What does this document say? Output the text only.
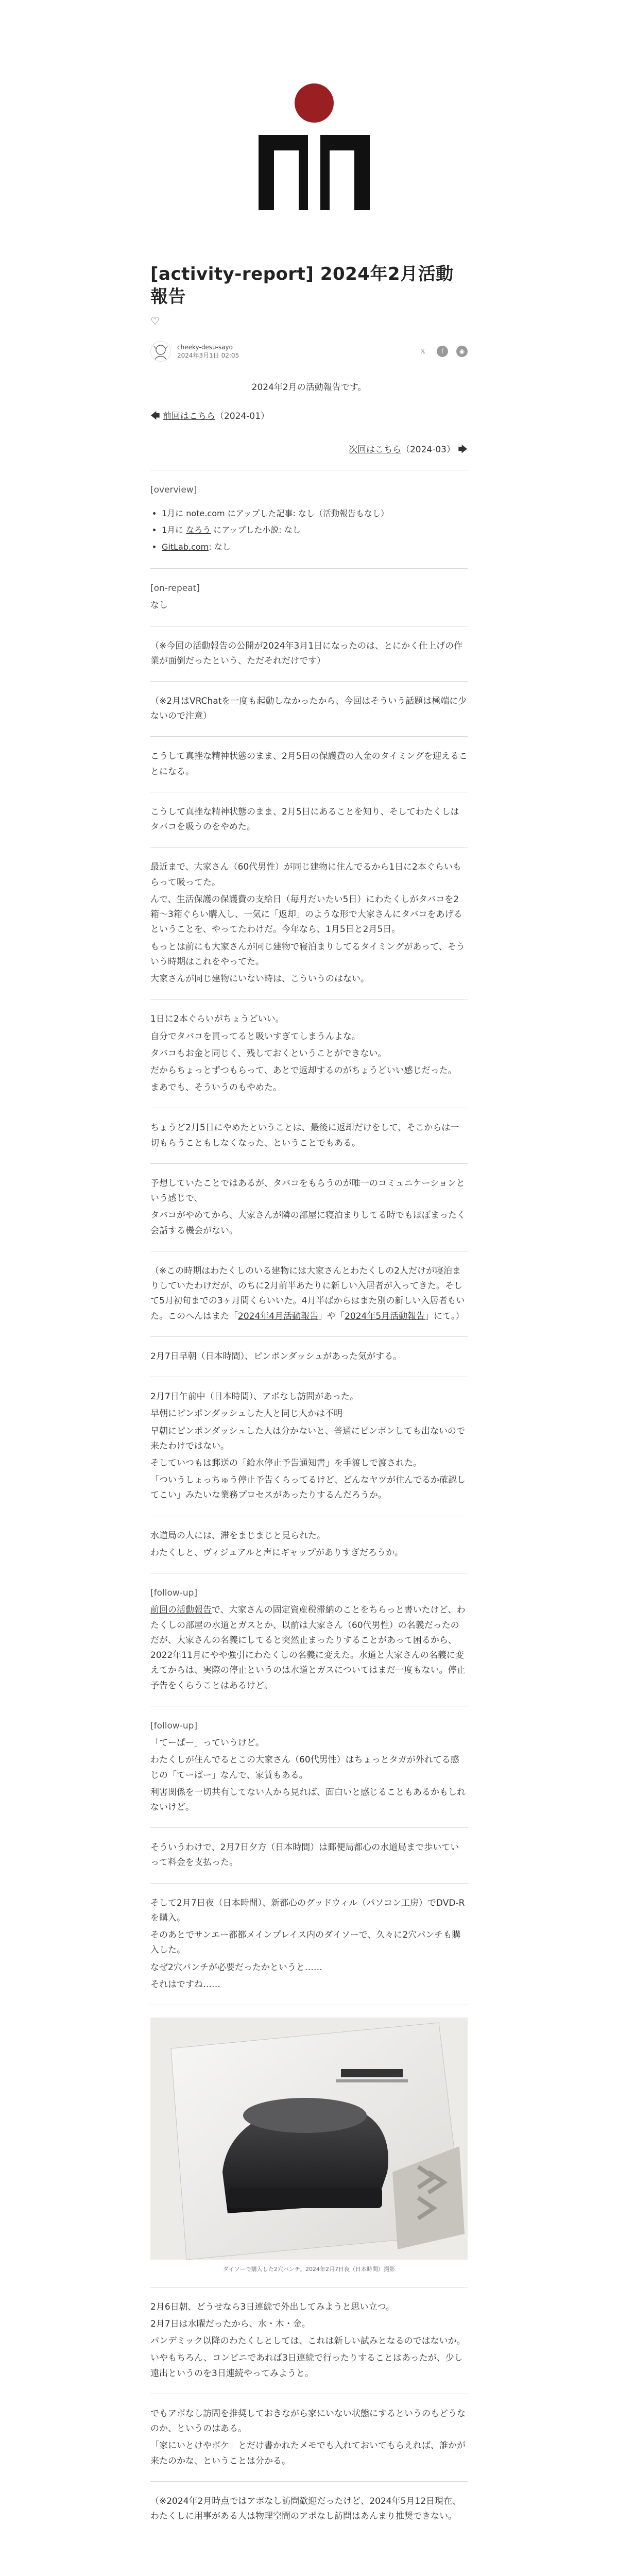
[activity-report] 2024年2月活動報告
♡
cheeky-desu-sayo
2024年3月1日 02:05
𝕏	f	◉
2024年2月の活動報告です。
🡄 前回はこちら（2024-01）
次回はこちら（2024-03） 🡆

[overview]

• 1月に note.com にアップした記事: なし（活動報告もなし）
• 1月に なろう にアップした小説: なし
• GitLab.com: なし

[on-repeat]

なし

（※今回の活動報告の公開が2024年3月1日になったのは、とにかく仕上げの作業が面倒だったという、ただそれだけです）

（※2月はVRChatを一度も起動しなかったから、今回はそういう話題は極端に少ないので注意）

こうして真挫な精神状態のまま、2月5日の保護費の入金のタイミングを迎えることになる。

こうして真挫な精神状態のまま、2月5日にあることを知り、そしてわたくしはタバコを吸うのをやめた。

最近まで、大家さん（60代男性）が同じ建物に住んでるから1日に2本ぐらいもらって吸ってた。

んで、生活保護の保護費の支給日（毎月だいたい5日）にわたくしがタバコを2箱〜3箱ぐらい購入し、一気に「返却」のような形で大家さんにタバコをあげるということを、やってたわけだ。今年なら、1月5日と2月5日。

もっとは前にも大家さんが同じ建物で寝泊まりしてるタイミングがあって、そういう時期はこれをやってた。

大家さんが同じ建物にいない時は、こういうのはない。

1日に2本ぐらいがちょうどいい。

自分でタバコを買ってると吸いすぎてしまうんよな。

タバコもお金と同じく、残しておくということができない。

だからちょっとずつもらって、あとで返却するのがちょうどいい感じだった。

まあでも、そういうのもやめた。

ちょうど2月5日にやめたということは、最後に返却だけをして、そこからは一切もらうこともしなくなった、ということでもある。

予想していたことではあるが、タバコをもらうのが唯一のコミュニケーションという感じで、

タバコがやめてから、大家さんが隣の部屋に寝泊まりしてる時でもほぼまったく会話する機会がない。

（※この時期はわたくしのいる建物には大家さんとわたくしの2人だけが寝泊まりしていたわけだが、のちに2月前半あたりに新しい入居者が入ってきた。そして5月初旬までの3ヶ月間くらいいた。4月半ばからはまた別の新しい入居者もいた。このへんはまた「2024年4月活動報告」や「2024年5月活動報告」にて。）

2月7日早朝（日本時間）、ピンポンダッシュがあった気がする。

2月7日午前中（日本時間）、アポなし訪問があった。

早朝にピンポンダッシュした人と同じ人かは不明

早朝にピンポンダッシュした人は分かないと、普通にピンポンしても出ないので来たわけではない。

そしていつもは郵送の「給水停止予告通知書」を手渡しで渡された。

「ついうしょっちゅう停止予告くらってるけど、どんなヤツが住んでるか確認してこい」みたいな業務プロセスがあったりするんだろうか。

水道局の人には、滞をまじまじと見られた。

わたくしと、ヴィジュアルと声にギャップがありすぎだろうか。

[follow-up]

前回の活動報告で、大家さんの固定資産税滞納のことをちらっと書いたけど、わたくしの部屋の水道とガスとか、以前は大家さん（60代男性）の名義だったのだが、大家さんの名義にしてると突然止まったりすることがあって困るから、2022年11月にやや強引にわたくしの名義に変えた。水道と大家さんの名義に変えてからは、実際の停止というのは水道とガスについてはまだ一度もない。停止予告をくらうことはあるけど。

[follow-up]

「てーぱー」っていうけど。

わたくしが住んでるとこの大家さん（60代男性）はちょっとタガが外れてる感じの「てーぱー」なんで、家賃もある。

利害関係を一切共有してない人から見れば、面白いと感じることもあるかもしれないけど。

そういうわけで、2月7日夕方（日本時間）は郵便局都心の水道局まで歩いていって料金を支払った。

そして2月7日夜（日本時間）、新都心のグッドウィル（パソコン工房）でDVD-Rを購入。

そのあとでサンエー都都メインプレイス内のダイソーで、久々に2穴パンチも購入した。

なぜ2穴パンチが必要だったかというと……

それはですね……

ダイソーで購入した2穴パンチ。2024年2月7日夜（日本時間）撮影

2月6日朝、どうせなら3日連続で外出してみようと思い立つ。

2月7日は水曜だったから、水・木・金。

パンデミック以降のわたくしとしては、これは新しい試みとなるのではないか。

いやもちろん、コンビニであれば3日連続で行ったりすることはあったが、少し遠出というのを3日連続やってみようと。

でもアポなし訪問を推奨しておきながら家にいない状態にするというのもどうなのか、というのはある。

「家にいとけやボケ」とだけ書かれたメモでも入れておいてもらえれば、誰かが来たのかな、ということは分かる。

（※2024年2月時点ではアポなし訪問歓迎だったけど、2024年5月12日現在、わたくしに用事がある人は物理空間のアポなし訪問はあんまり推奨できない。
